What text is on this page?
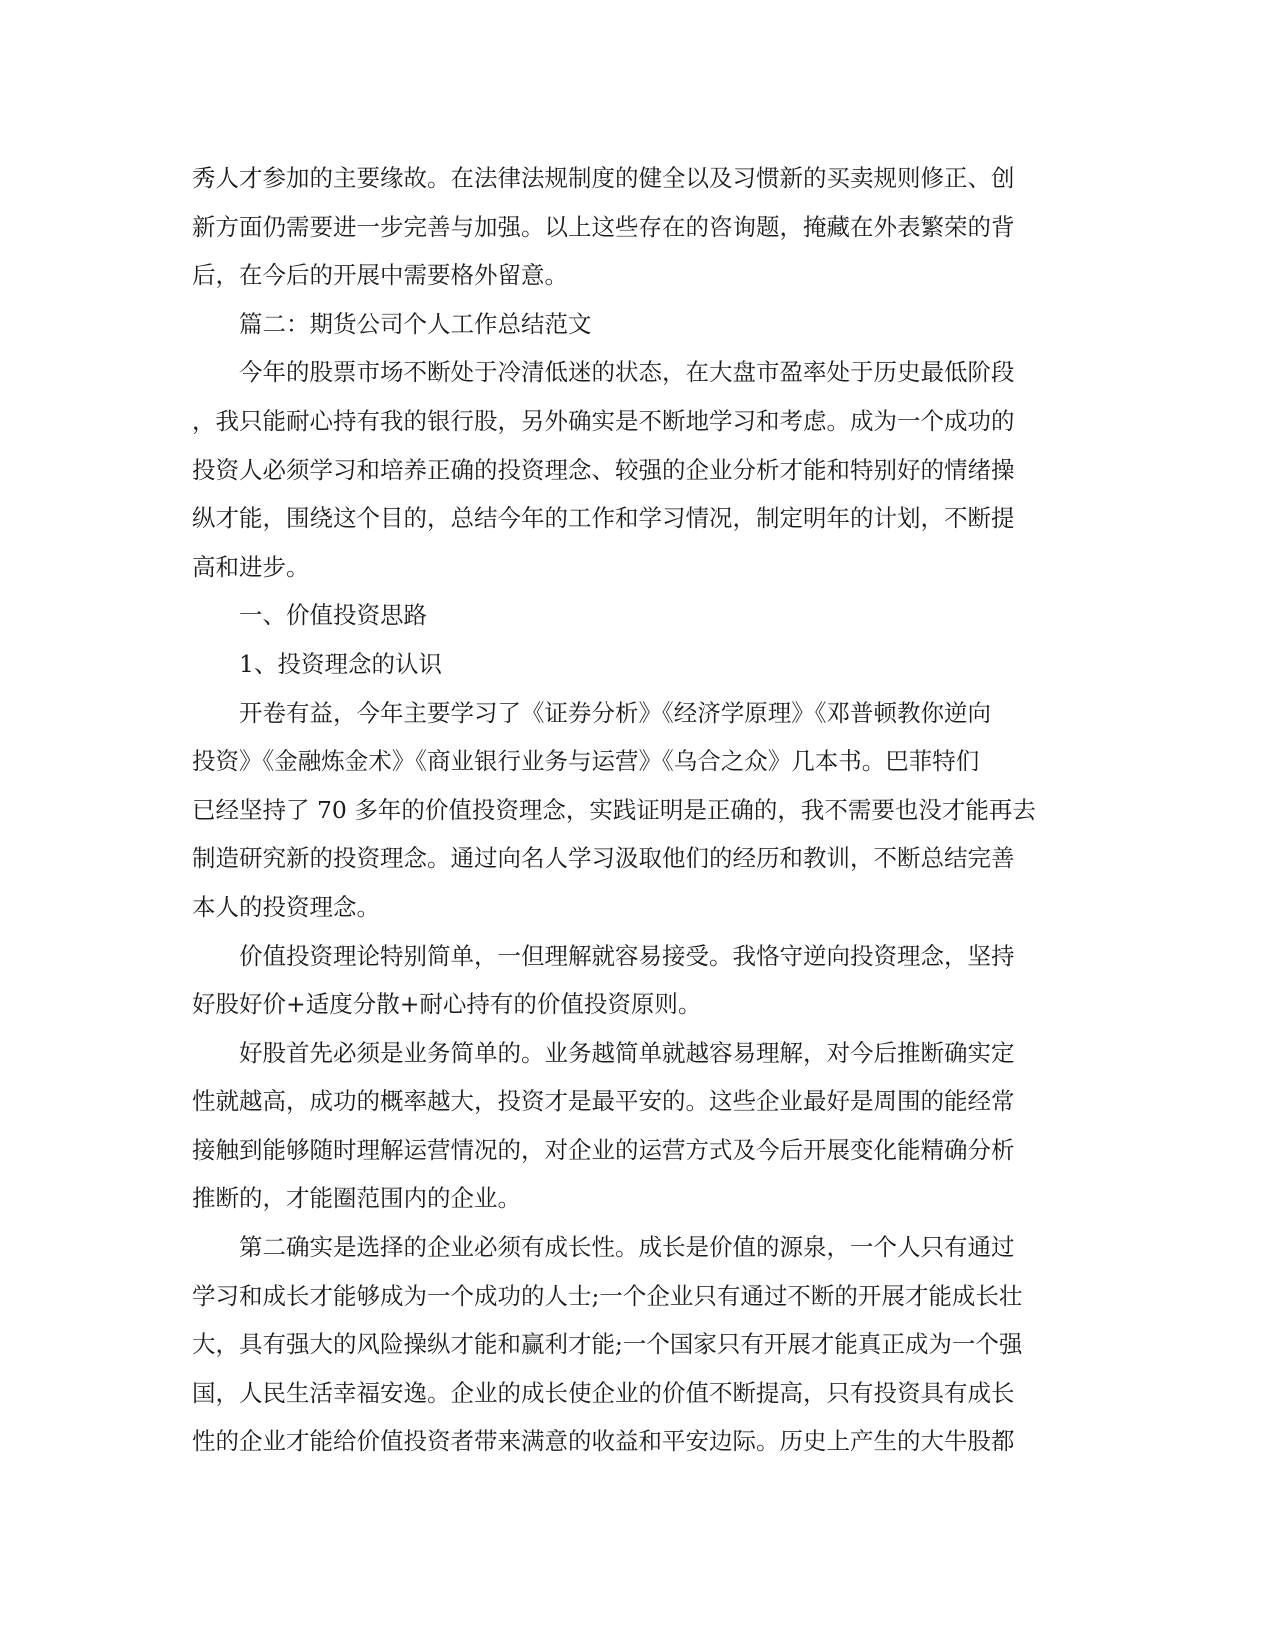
秀人才参加的主要缘故。在法律法规制度的健全以及习惯新的买卖规则修正、创
新方面仍需要进一步完善与加强。以上这些存在的咨询题，掩藏在外表繁荣的背
后，在今后的开展中需要格外留意。
篇二：期货公司个人工作总结范文
今年的股票市场不断处于冷清低迷的状态，在大盘市盈率处于历史最低阶段
，我只能耐心持有我的银行股，另外确实是不断地学习和考虑。成为一个成功的
投资人必须学习和培养正确的投资理念、较强的企业分析才能和特别好的情绪操
纵才能，围绕这个目的，总结今年的工作和学习情况，制定明年的计划，不断提
高和进步。
一、价值投资思路
1、投资理念的认识
开卷有益，今年主要学习了《证券分析》《经济学原理》《邓普顿教你逆向
投资》《金融炼金术》《商业银行业务与运营》《乌合之众》几本书。巴菲特们
已经坚持了 70 多年的价值投资理念，实践证明是正确的，我不需要也没才能再去
制造研究新的投资理念。通过向名人学习汲取他们的经历和教训，不断总结完善
本人的投资理念。
价值投资理论特别简单，一但理解就容易接受。我恪守逆向投资理念，坚持
好股好价+适度分散+耐心持有的价值投资原则。
好股首先必须是业务简单的。业务越简单就越容易理解，对今后推断确实定
性就越高，成功的概率越大，投资才是最平安的。这些企业最好是周围的能经常
接触到能够随时理解运营情况的，对企业的运营方式及今后开展变化能精确分析
推断的，才能圈范围内的企业。
第二确实是选择的企业必须有成长性。成长是价值的源泉，一个人只有通过
学习和成长才能够成为一个成功的人士;一个企业只有通过不断的开展才能成长壮
大，具有强大的风险操纵才能和赢利才能;一个国家只有开展才能真正成为一个强
国，人民生活幸福安逸。企业的成长使企业的价值不断提高，只有投资具有成长
性的企业才能给价值投资者带来满意的收益和平安边际。历史上产生的大牛股都
